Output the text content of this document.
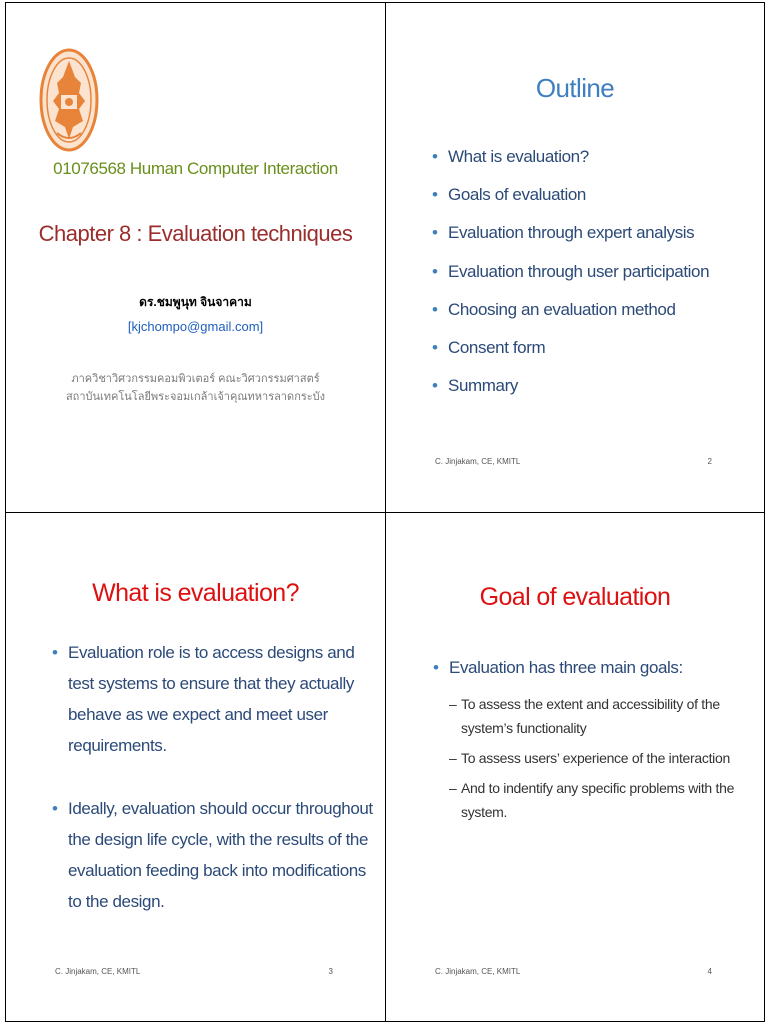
01076568 Human Computer Interaction
Chapter 8 : Evaluation techniques
ดร.ชมพูนุท จินจาคาม
[kjchompo@gmail.com]
ภาควิชาวิศวกรรมคอมพิวเตอร์ คณะวิศวกรรมศาสตร์
สถาบันเทคโนโลยีพระจอมเกล้าเจ้าคุณทหารลาดกระบัง
Outline
• What is evaluation?
• Goals of evaluation
• Evaluation through expert analysis
• Evaluation through user participation
• Choosing an evaluation method
• Consent form
• Summary
C. Jinjakam, CE, KMITL	2
What is evaluation?
• Evaluation role is to access designs and test systems to ensure that they actually behave as we expect and meet user requirements.
• Ideally, evaluation should occur throughout the design life cycle, with the results of the evaluation feeding back into modifications to the design.
C. Jinjakam, CE, KMITL	3
Goal of evaluation
• Evaluation has three main goals:
– To assess the extent and accessibility of the system’s functionality
– To assess users’ experience of the interaction
– And to indentify any specific problems with the system.
C. Jinjakam, CE, KMITL	4
